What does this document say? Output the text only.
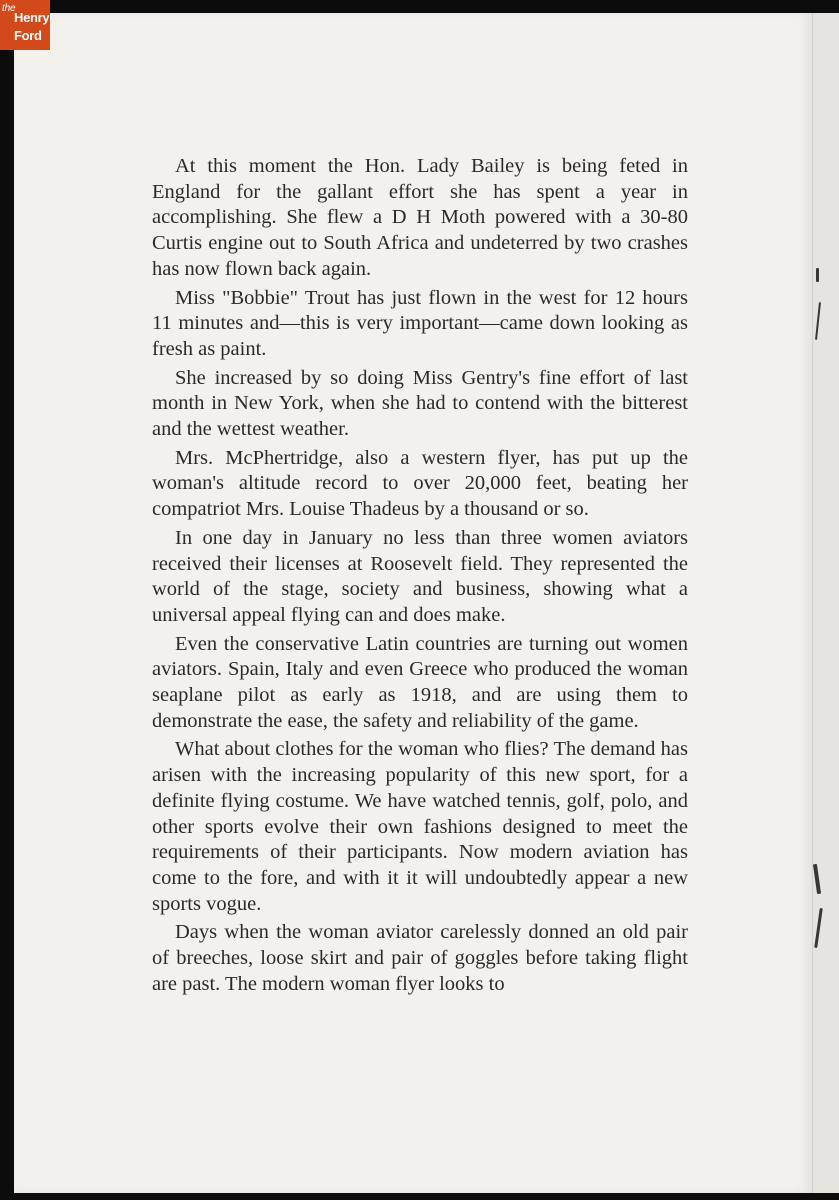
the
Henry
Ford

At this moment the Hon. Lady Bailey is being feted in England for the gallant effort she has spent a year in accomplishing. She flew a D H Moth powered with a 30-80 Curtis engine out to South Africa and undeterred by two crashes has now flown back again.

Miss "Bobbie" Trout has just flown in the west for 12 hours 11 minutes and—this is very important—came down looking as fresh as paint.

She increased by so doing Miss Gentry's fine effort of last month in New York, when she had to contend with the bitterest and the wettest weather.

Mrs. McPhertridge, also a western flyer, has put up the woman's altitude record to over 20,000 feet, beating her compatriot Mrs. Louise Thadeus by a thousand or so.

In one day in January no less than three women aviators received their licenses at Roosevelt field. They represented the world of the stage, society and business, showing what a universal appeal flying can and does make.

Even the conservative Latin countries are turning out women aviators. Spain, Italy and even Greece who produced the woman seaplane pilot as early as 1918, and are using them to demonstrate the ease, the safety and reliability of the game.

What about clothes for the woman who flies? The demand has arisen with the increasing popularity of this new sport, for a definite flying costume. We have watched tennis, golf, polo, and other sports evolve their own fashions designed to meet the requirements of their participants. Now modern aviation has come to the fore, and with it it will undoubtedly appear a new sports vogue.

Days when the woman aviator carelessly donned an old pair of breeches, loose skirt and pair of goggles before taking flight are past. The modern woman flyer looks to
